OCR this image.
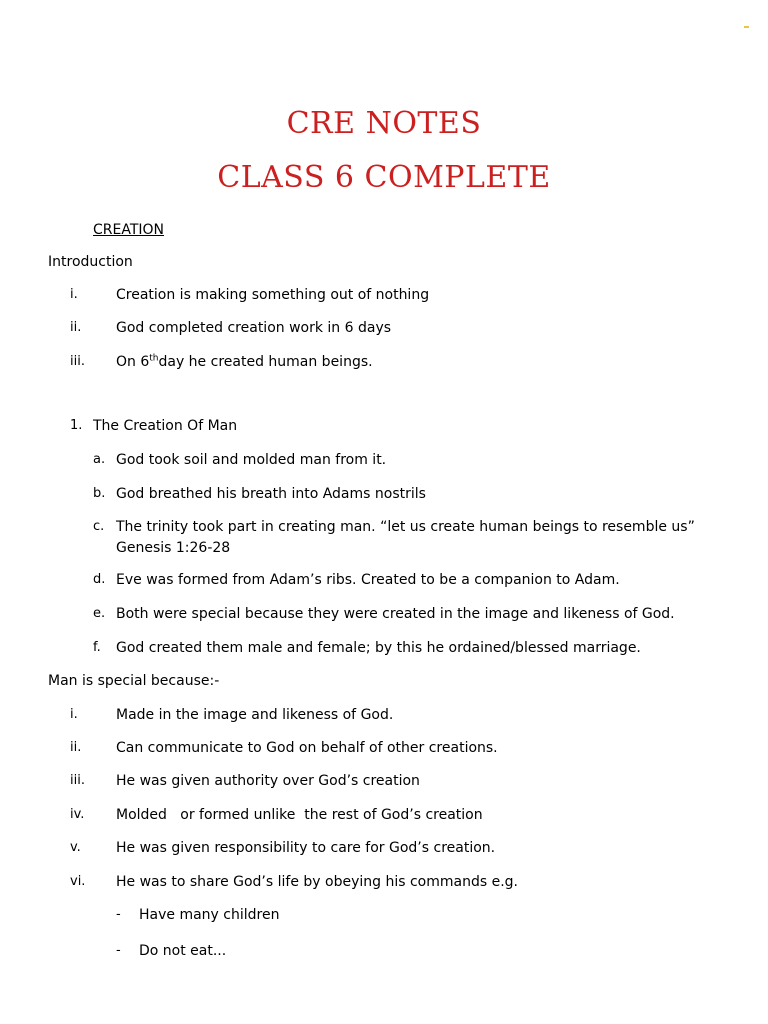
CRE NOTES
CLASS 6 COMPLETE
CREATION
Introduction
i.	Creation is making something out of nothing
ii. God completed creation work in 6 days
iii. On 6thday he created human beings.
1. The Creation Of Man
a. God took soil and molded man from it.
b. God breathed his breath into Adams nostrils
c. The trinity took part in creating man. “let us create human beings to resemble us”
Genesis 1:26-28
d. Eve was formed from Adam’s ribs. Created to be a companion to Adam.
e. Both were special because they were created in the image and likeness of God.
f. God created them male and female; by this he ordained/blessed marriage.
Man is special because:-
i.	Made in the image and likeness of God.
ii. Can communicate to God on behalf of other creations.
iii. He was given authority over God’s creation
iv. Molded   or formed unlike  the rest of God’s creation
v.	He was given responsibility to care for God’s creation.
vi. He was to share God’s life by obeying his commands e.g.
- Have many children
- Do not eat...
